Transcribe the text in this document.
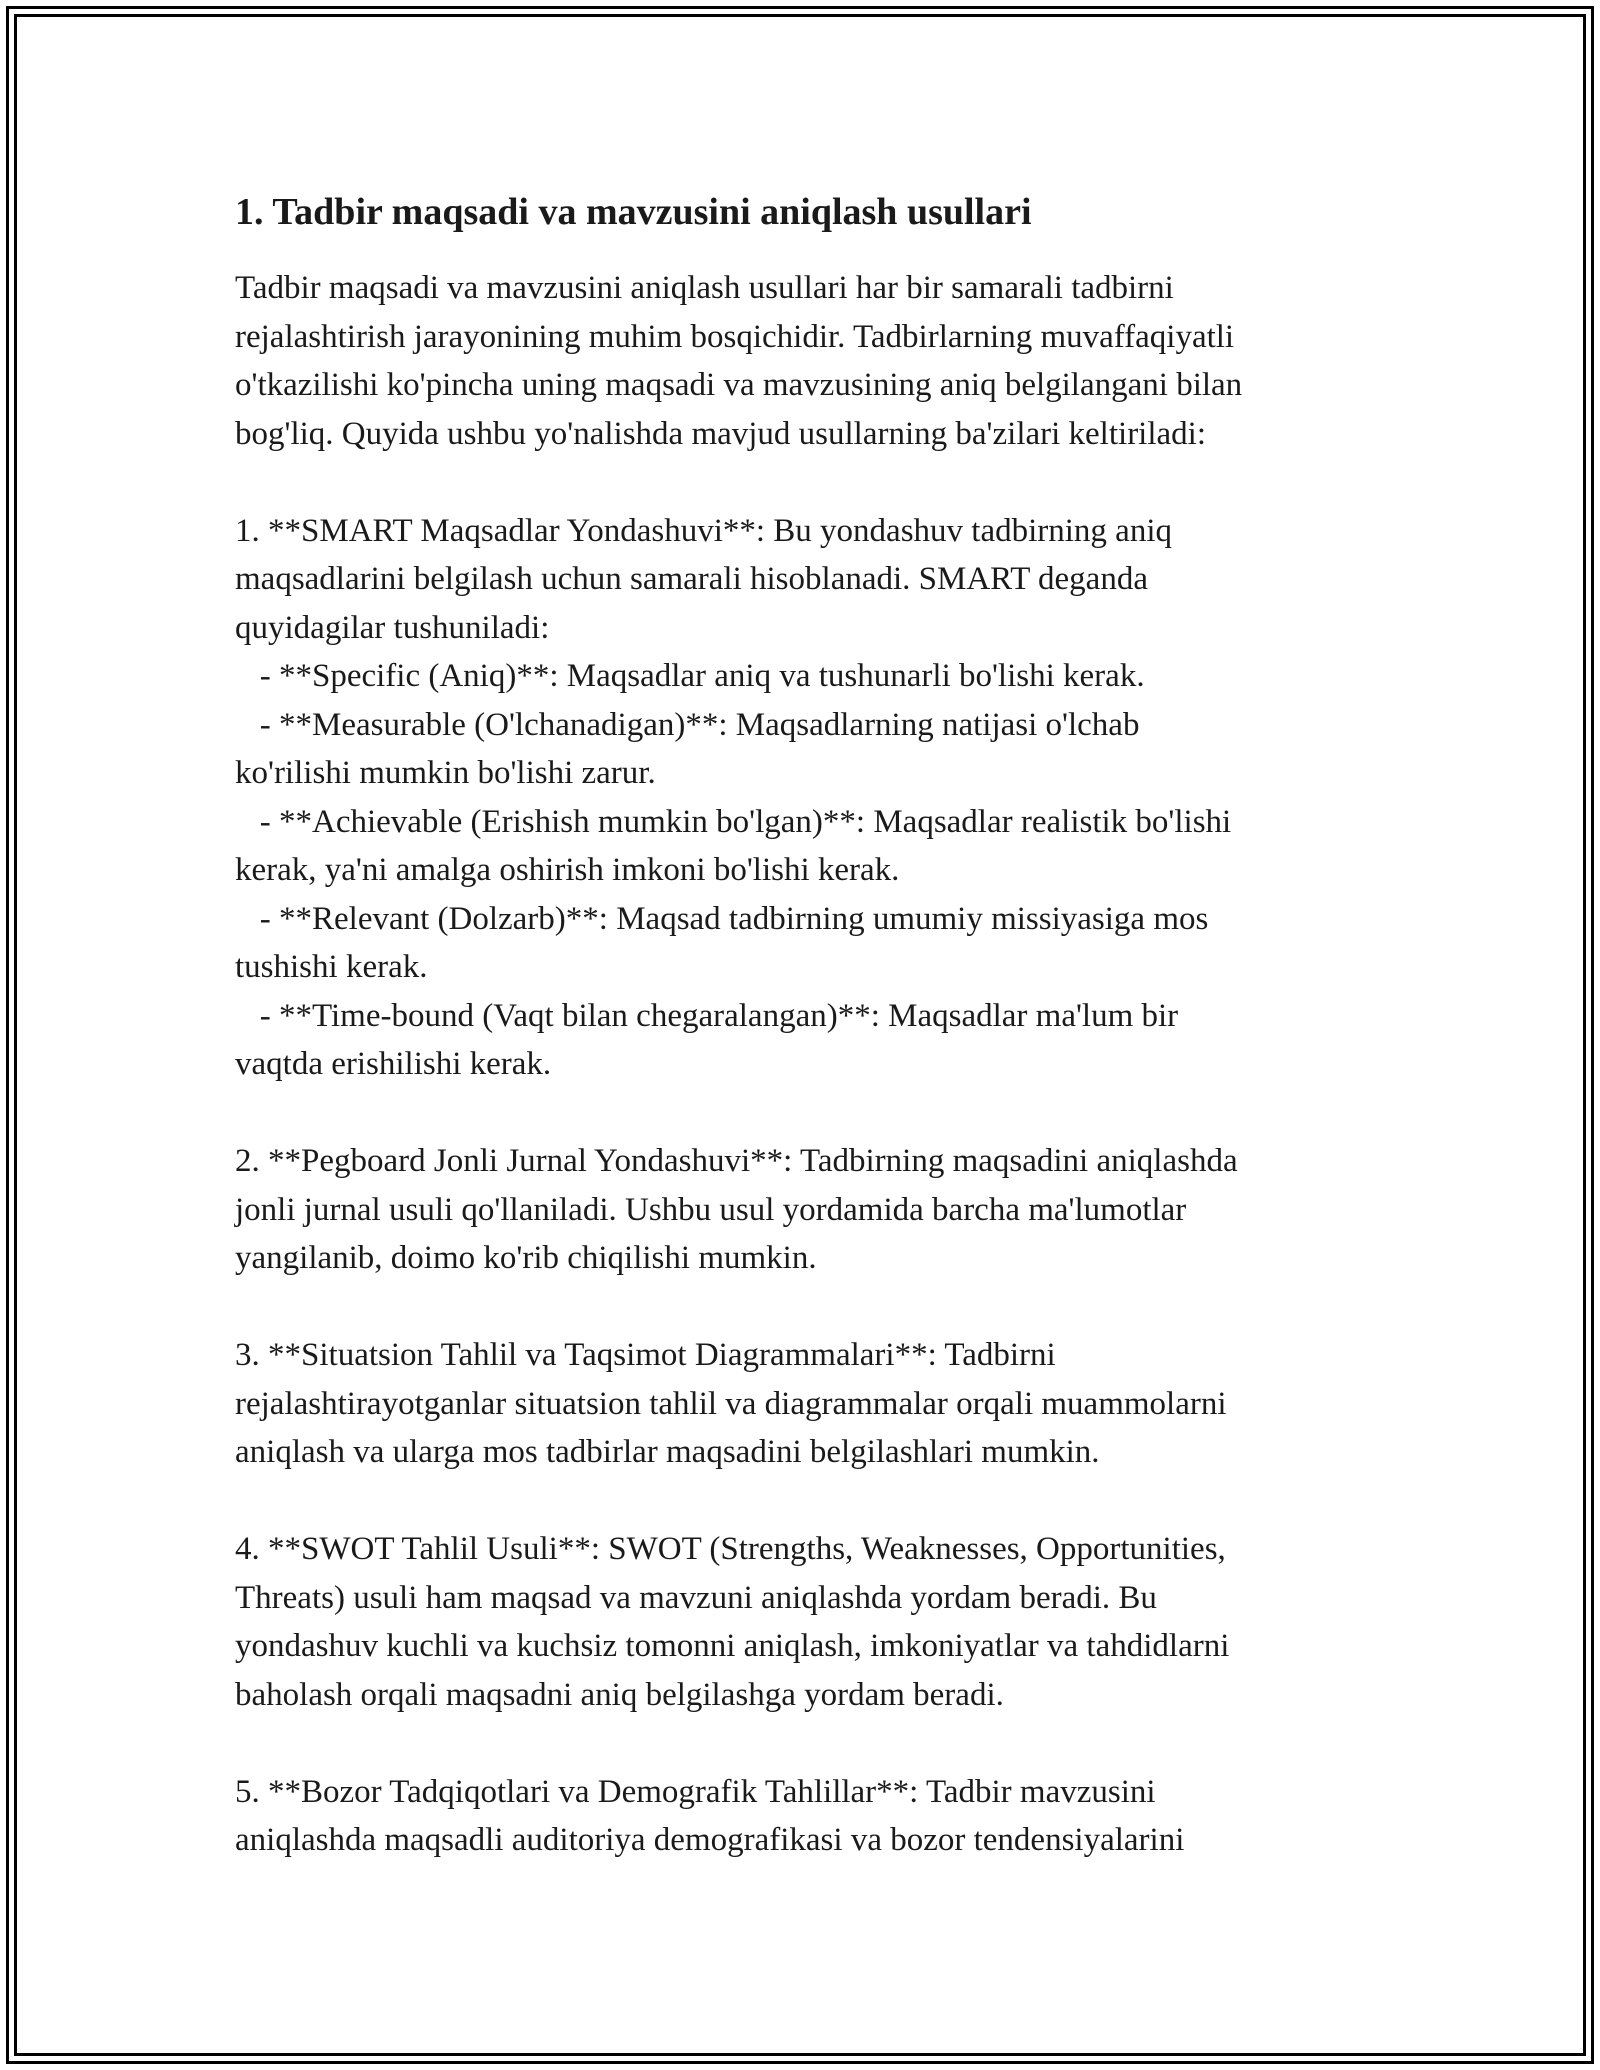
1. Tadbir maqsadi va mavzusini aniqlash usullari

Tadbir maqsadi va mavzusini aniqlash usullari har bir samarali tadbirni
rejalashtirish jarayonining muhim bosqichidir. Tadbirlarning muvaffaqiyatli
o'tkazilishi ko'pincha uning maqsadi va mavzusining aniq belgilangani bilan
bog'liq. Quyida ushbu yo'nalishda mavjud usullarning ba'zilari keltiriladi:

1. **SMART Maqsadlar Yondashuvi**: Bu yondashuv tadbirning aniq
maqsadlarini belgilash uchun samarali hisoblanadi. SMART deganda
quyidagilar tushuniladi:
- **Specific (Aniq)**: Maqsadlar aniq va tushunarli bo'lishi kerak.
- **Measurable (O'lchanadigan)**: Maqsadlarning natijasi o'lchab
ko'rilishi mumkin bo'lishi zarur.
- **Achievable (Erishish mumkin bo'lgan)**: Maqsadlar realistik bo'lishi
kerak, ya'ni amalga oshirish imkoni bo'lishi kerak.
- **Relevant (Dolzarb)**: Maqsad tadbirning umumiy missiyasiga mos
tushishi kerak.
- **Time-bound (Vaqt bilan chegaralangan)**: Maqsadlar ma'lum bir
vaqtda erishilishi kerak.

2. **Pegboard Jonli Jurnal Yondashuvi**: Tadbirning maqsadini aniqlashda
jonli jurnal usuli qo'llaniladi. Ushbu usul yordamida barcha ma'lumotlar
yangilanib, doimo ko'rib chiqilishi mumkin.

3. **Situatsion Tahlil va Taqsimot Diagrammalari**: Tadbirni
rejalashtirayotganlar situatsion tahlil va diagrammalar orqali muammolarni
aniqlash va ularga mos tadbirlar maqsadini belgilashlari mumkin.

4. **SWOT Tahlil Usuli**: SWOT (Strengths, Weaknesses, Opportunities,
Threats) usuli ham maqsad va mavzuni aniqlashda yordam beradi. Bu
yondashuv kuchli va kuchsiz tomonni aniqlash, imkoniyatlar va tahdidlarni
baholash orqali maqsadni aniq belgilashga yordam beradi.

5. **Bozor Tadqiqotlari va Demografik Tahlillar**: Tadbir mavzusini
aniqlashda maqsadli auditoriya demografikasi va bozor tendensiyalarini
